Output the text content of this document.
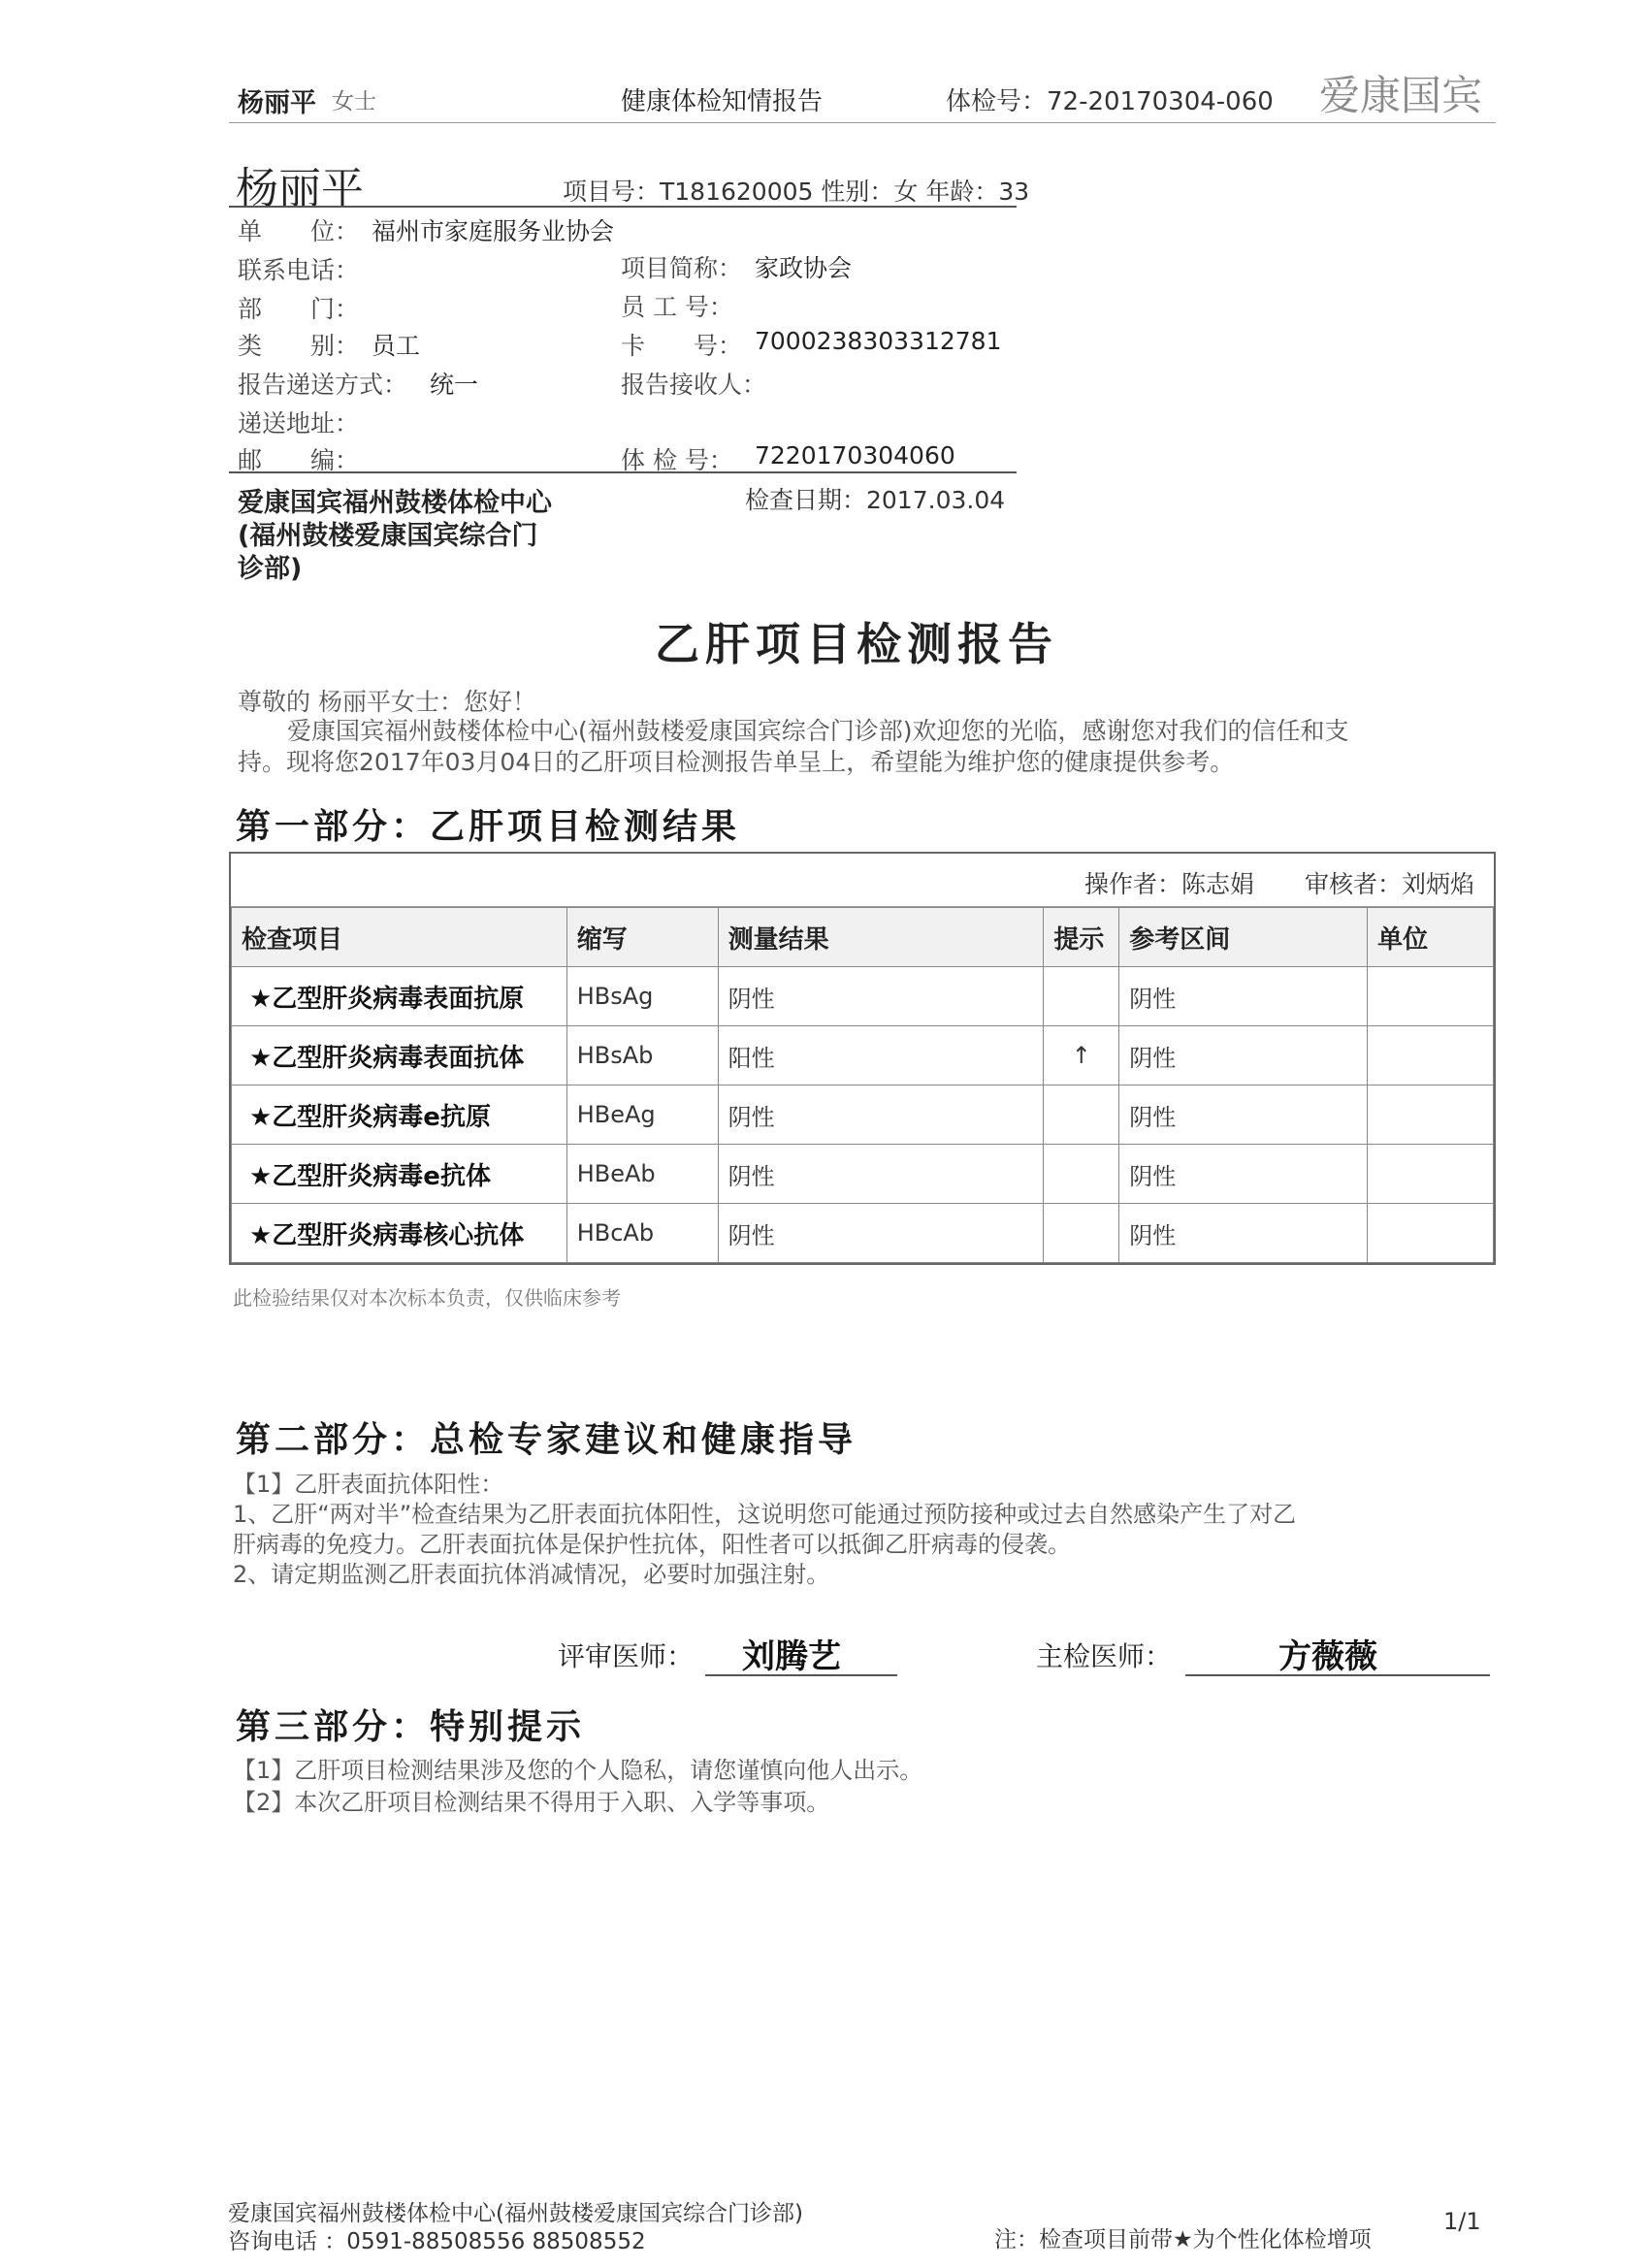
杨丽平 女士	健康体检知情报告	体检号：72-20170304-060 爱康国宾
杨丽平	项目号：T181620005 性别：女 年龄：33
单　　位： 福州市家庭服务业协会
联系电话：
部　　门：
类　　别： 员工
报告递送方式： 统一
递送地址：
邮　　编：
项目简称： 家政协会
员 工 号：
卡　　号： 7000238303312781
报告接收人：
体 检 号： 7220170304060
爱康国宾福州鼓楼体检中心
(福州鼓楼爱康国宾综合门
诊部)
检查日期：2017.03.04
乙肝项目检测报告
尊敬的 杨丽平女士：您好！
爱康国宾福州鼓楼体检中心(福州鼓楼爱康国宾综合门诊部)欢迎您的光临，感谢您对我们的信任和支
持。现将您2017年03月04日的乙肝项目检测报告单呈上，希望能为维护您的健康提供参考。
第一部分：乙肝项目检测结果
操作者：陈志娟 审核者：刘炳焰
检查项目	缩写	测量结果	提示	参考区间	单位
★乙型肝炎病毒表面抗原	HBsAg	阴性		阴性	
★乙型肝炎病毒表面抗体	HBsAb	阳性	↑	阴性	
★乙型肝炎病毒e抗原	HBeAg	阴性		阴性	
★乙型肝炎病毒e抗体	HBeAb	阴性		阴性	
★乙型肝炎病毒核心抗体	HBcAb	阴性		阴性	
此检验结果仅对本次标本负责，仅供临床参考
第二部分：总检专家建议和健康指导
【1】乙肝表面抗体阳性：
1、乙肝“两对半”检查结果为乙肝表面抗体阳性，这说明您可能通过预防接种或过去自然感染产生了对乙
肝病毒的免疫力。乙肝表面抗体是保护性抗体，阳性者可以抵御乙肝病毒的侵袭。
2、请定期监测乙肝表面抗体消减情况，必要时加强注射。
评审医师： 刘腾艺	主检医师：	方薇薇
第三部分：特别提示
【1】乙肝项目检测结果涉及您的个人隐私，请您谨慎向他人出示。
【2】本次乙肝项目检测结果不得用于入职、入学等事项。
爱康国宾福州鼓楼体检中心(福州鼓楼爱康国宾综合门诊部)
咨询电话 ：0591-88508556 88508552	注：检查项目前带★为个性化体检增项
1/1
